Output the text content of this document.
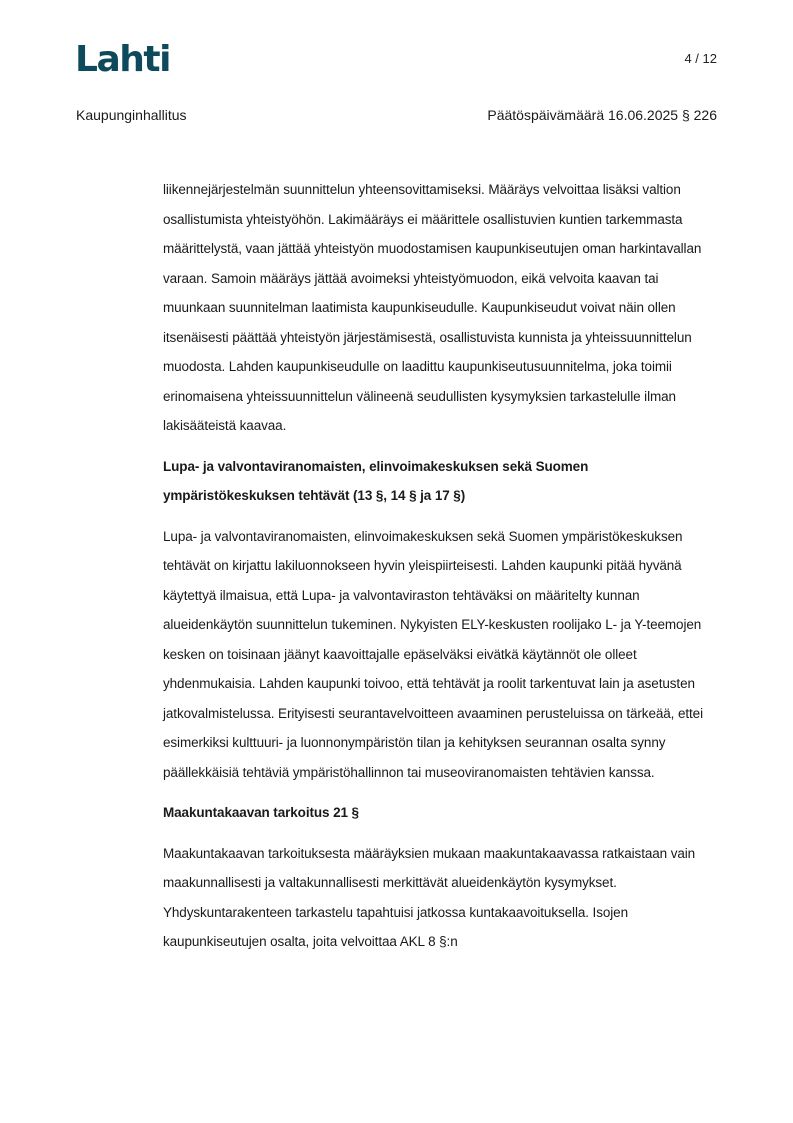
Lahti	4 / 12
Kaupunginhallitus	Päätöspäivämäärä 16.06.2025 § 226

liikennejärjestelmän suunnittelun yhteensovittamiseksi. Määräys velvoittaa lisäksi valtion osallistumista yhteistyöhön. Lakimääräys ei määrittele osallistuvien kuntien tarkemmasta määrittelystä, vaan jättää yhteistyön muodostamisen kaupunkiseutujen oman harkintavallan varaan. Samoin määräys jättää avoimeksi yhteistyömuodon, eikä velvoita kaavan tai muunkaan suunnitelman laatimista kaupunkiseudulle. Kaupunkiseudut voivat näin ollen itsenäisesti päättää yhteistyön järjestämisestä, osallistuvista kunnista ja yhteissuunnittelun muodosta. Lahden kaupunkiseudulle on laadittu kaupunkiseutusuunnitelma, joka toimii erinomaisena yhteissuunnittelun välineenä seudullisten kysymyksien tarkastelulle ilman lakisääteistä kaavaa.

Lupa- ja valvontaviranomaisten, elinvoimakeskuksen sekä Suomen ympäristökeskuksen tehtävät (13 §, 14 § ja 17 §)

Lupa- ja valvontaviranomaisten, elinvoimakeskuksen sekä Suomen ympäristökeskuksen tehtävät on kirjattu lakiluonnokseen hyvin yleispiirteisesti. Lahden kaupunki pitää hyvänä käytettyä ilmaisua, että Lupa- ja valvontaviraston tehtäväksi on määritelty kunnan alueidenkäytön suunnittelun tukeminen. Nykyisten ELY-keskusten roolijako L- ja Y-teemojen kesken on toisinaan jäänyt kaavoittajalle epäselväksi eivätkä käytännöt ole olleet yhdenmukaisia. Lahden kaupunki toivoo, että tehtävät ja roolit tarkentuvat lain ja asetusten jatkovalmistelussa. Erityisesti seurantavelvoitteen avaaminen perusteluissa on tärkeää, ettei esimerkiksi kulttuuri- ja luonnonympäristön tilan ja kehityksen seurannan osalta synny päällekkäisiä tehtäviä ympäristöhallinnon tai museoviranomaisten tehtävien kanssa.

Maakuntakaavan tarkoitus 21 §

Maakuntakaavan tarkoituksesta määräyksien mukaan maakuntakaavassa ratkaistaan vain maakunnallisesti ja valtakunnallisesti merkittävät alueidenkäytön kysymykset. Yhdyskuntarakenteen tarkastelu tapahtuisi jatkossa kuntakaavoituksella. Isojen kaupunkiseutujen osalta, joita velvoittaa AKL 8 §:n
